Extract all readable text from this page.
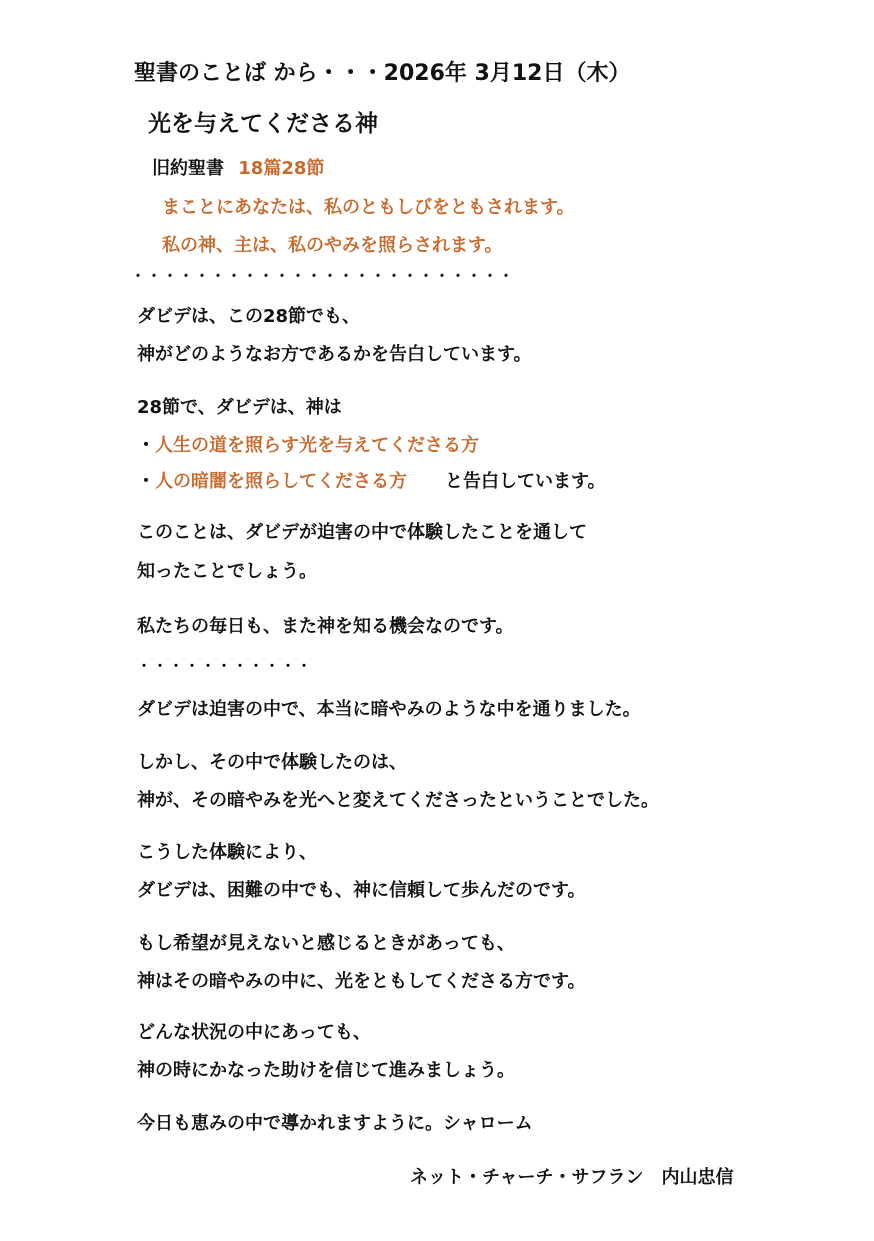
聖書のことば から・・・2026年 3月12日（木）
光を与えてくださる神
旧約聖書 18篇28節
まことにあなたは、私のともしびをともされます。
私の神、主は、私のやみを照らされます。
・・・・・・・・・・・・・・・・・・・・・・・・
ダビデは、この28節でも、
神がどのようなお方であるかを告白しています。
28節で、ダビデは、神は
・人生の道を照らす光を与えてくださる方
・人の暗闇を照らしてくださる方 と告白しています。
このことは、ダビデが迫害の中で体験したことを通して
知ったことでしょう。
私たちの毎日も、また神を知る機会なのです。
・・・・・・・・・・・
ダビデは迫害の中で、本当に暗やみのような中を通りました。
しかし、その中で体験したのは、
神が、その暗やみを光へと変えてくださったということでした。
こうした体験により、
ダビデは、困難の中でも、神に信頼して歩んだのです。
もし希望が見えないと感じるときがあっても、
神はその暗やみの中に、光をともしてくださる方です。
どんな状況の中にあっても、
神の時にかなった助けを信じて進みましょう。
今日も恵みの中で導かれますように。シャローム
ネット・チャーチ・サフラン　内山忠信
